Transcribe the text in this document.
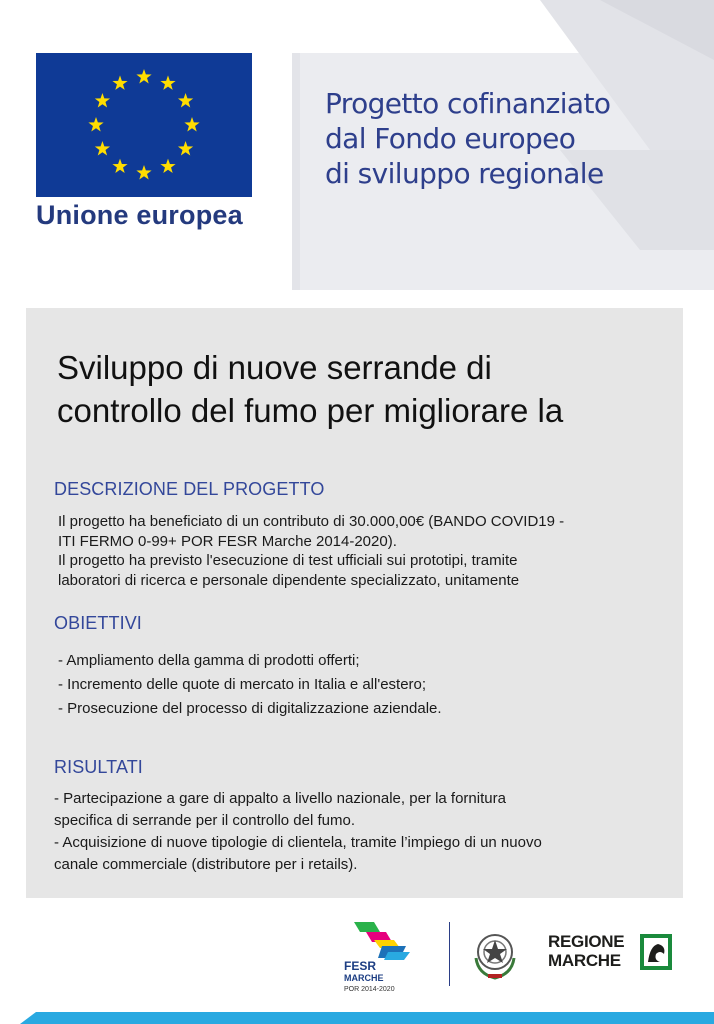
Unione europea
Progetto cofinanziato
dal Fondo europeo
di sviluppo regionale
Sviluppo di nuove serrande di
controllo del fumo per migliorare la
DESCRIZIONE DEL PROGETTO
Il progetto ha beneficiato di un contributo di 30.000,00€ (BANDO COVID19 -
ITI FERMO 0-99+ POR FESR Marche 2014-2020).
Il progetto ha previsto l'esecuzione di test ufficiali sui prototipi, tramite
laboratori di ricerca e personale dipendente specializzato, unitamente
OBIETTIVI
- Ampliamento della gamma di prodotti offerti;
- Incremento delle quote di mercato in Italia e all'estero;
- Prosecuzione del processo di digitalizzazione aziendale.
RISULTATI
- Partecipazione a gare di appalto a livello nazionale, per la fornitura
specifica di serrande per il controllo del fumo.
- Acquisizione di nuove tipologie di clientela, tramite l’impiego di un nuovo
canale commerciale (distributore per i retails).
FESR
MARCHE
POR 2014-2020
REGIONE
MARCHE
